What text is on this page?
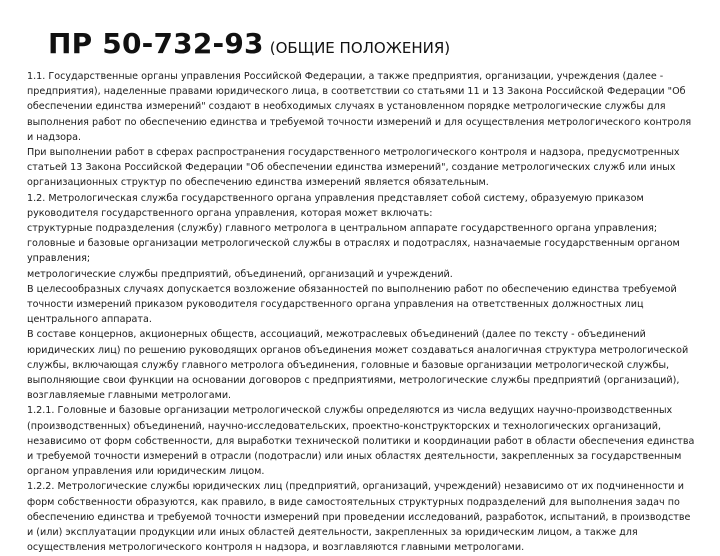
ПР 50-732-93 (ОБЩИЕ ПОЛОЖЕНИЯ)

1.1. Государственные органы управления Российской Федерации, а также предприятия, организации, учреждения (далее - предприятия), наделенные правами юридического лица, в соответствии со статьями 11 и 13 Закона Российской Федерации "Об обеспечении единства измерений" создают в необходимых случаях в установленном порядке метрологические службы для выполнения работ по обеспечению единства и требуемой точности измерений и для осуществления метрологического контроля и надзора.

При выполнении работ в сферах распространения государственного метрологического контроля и надзора, предусмотренных статьей 13 Закона Российской Федерации "Об обеспечении единства измерений", создание метрологических служб или иных организационных структур по обеспечению единства измерений является обязательным.

1.2. Метрологическая служба государственного органа управления представляет собой систему, образуемую приказом руководителя государственного органа управления, которая может включать:

структурные подразделения (службу) главного метролога в центральном аппарате государственного органа управления;

головные и базовые организации метрологической службы в отраслях и подотраслях, назначаемые государственным органом управления;

метрологические службы предприятий, объединений, организаций и учреждений.

В целесообразных случаях допускается возложение обязанностей по выполнению работ по обеспечению единства требуемой точности измерений приказом руководителя государственного органа управления на ответственных должностных лиц центрального аппарата.

В составе концернов, акционерных обществ, ассоциаций, межотраслевых объединений (далее по тексту - объединений юридических лиц) по решению руководящих органов объединения может создаваться аналогичная структура метрологической службы, включающая службу главного метролога объединения, головные и базовые организации метрологической службы, выполняющие свои функции на основании договоров с предприятиями, метрологические службы предприятий (организаций), возглавляемые главными метрологами.

1.2.1. Головные и базовые организации метрологической службы определяются из числа ведущих научно-производственных (производственных) объединений, научно-исследовательских, проектно-конструкторских и технологических организаций, независимо от форм собственности, для выработки технической политики и координации работ в области обеспечения единства и требуемой точности измерений в отрасли (подотрасли) или иных областях деятельности, закрепленных за государственным органом управления или юридическим лицом.

1.2.2. Метрологические службы юридических лиц (предприятий, организаций, учреждений) независимо от их подчиненности и форм собственности образуются, как правило, в виде самостоятельных структурных подразделений для выполнения задач по обеспечению единства и требуемой точности измерений при проведении исследований, разработок, испытаний, в производстве и (или) эксплуатации продукции или иных областей деятельности, закрепленных за юридическим лицом, а также для осуществления метрологического контроля н надзора, и возглавляются главными метрологами.
